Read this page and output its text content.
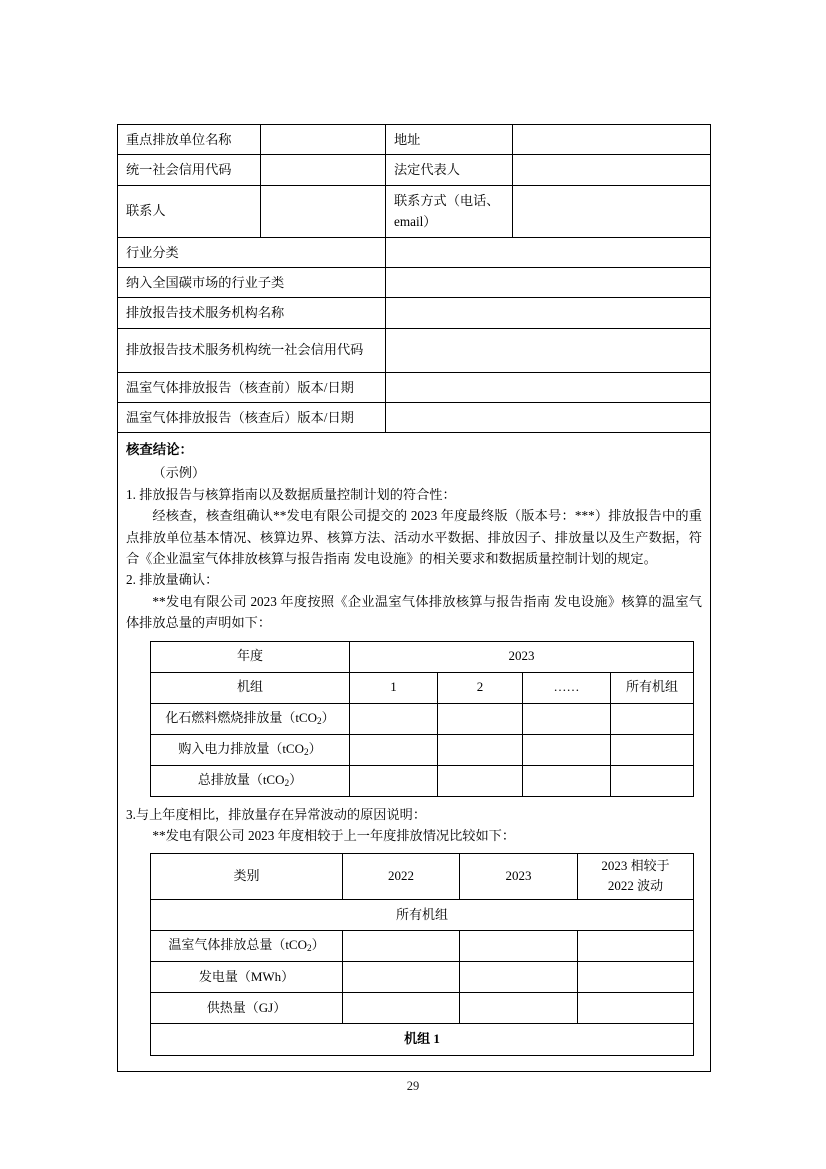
重点排放单位名称		地址	
统一社会信用代码		法定代表人	
联系人		联系方式（电话、email）	
行业分类	
纳入全国碳市场的行业子类	
排放报告技术服务机构名称	
排放报告技术服务机构统一社会信用代码	
温室气体排放报告（核查前）版本/日期	
温室气体排放报告（核查后）版本/日期	

核查结论：

（示例）

1. 排放报告与核算指南以及数据质量控制计划的符合性：

经核查，核查组确认**发电有限公司提交的 2023 年度最终版（版本号：***）排放报告中的重点排放单位基本情况、核算边界、核算方法、活动水平数据、排放因子、排放量以及生产数据，符合《企业温室气体排放核算与报告指南 发电设施》的相关要求和数据质量控制计划的规定。

2. 排放量确认：

**发电有限公司 2023 年度按照《企业温室气体排放核算与报告指南 发电设施》核算的温室气体排放总量的声明如下：

年度	2023
机组	1	2	……	所有机组
化石燃料燃烧排放量（tCO$_2$）				
购入电力排放量（tCO$_2$）				
总排放量（tCO$_2$）				

3.与上年度相比，排放量存在异常波动的原因说明：

**发电有限公司 2023 年度相较于上一年度排放情况比较如下：

类别	2022	2023	2023 相较于
2022 波动
所有机组
温室气体排放总量（tCO$_2$）			
发电量（MWh）			
供热量（GJ）			
机组 1
29
